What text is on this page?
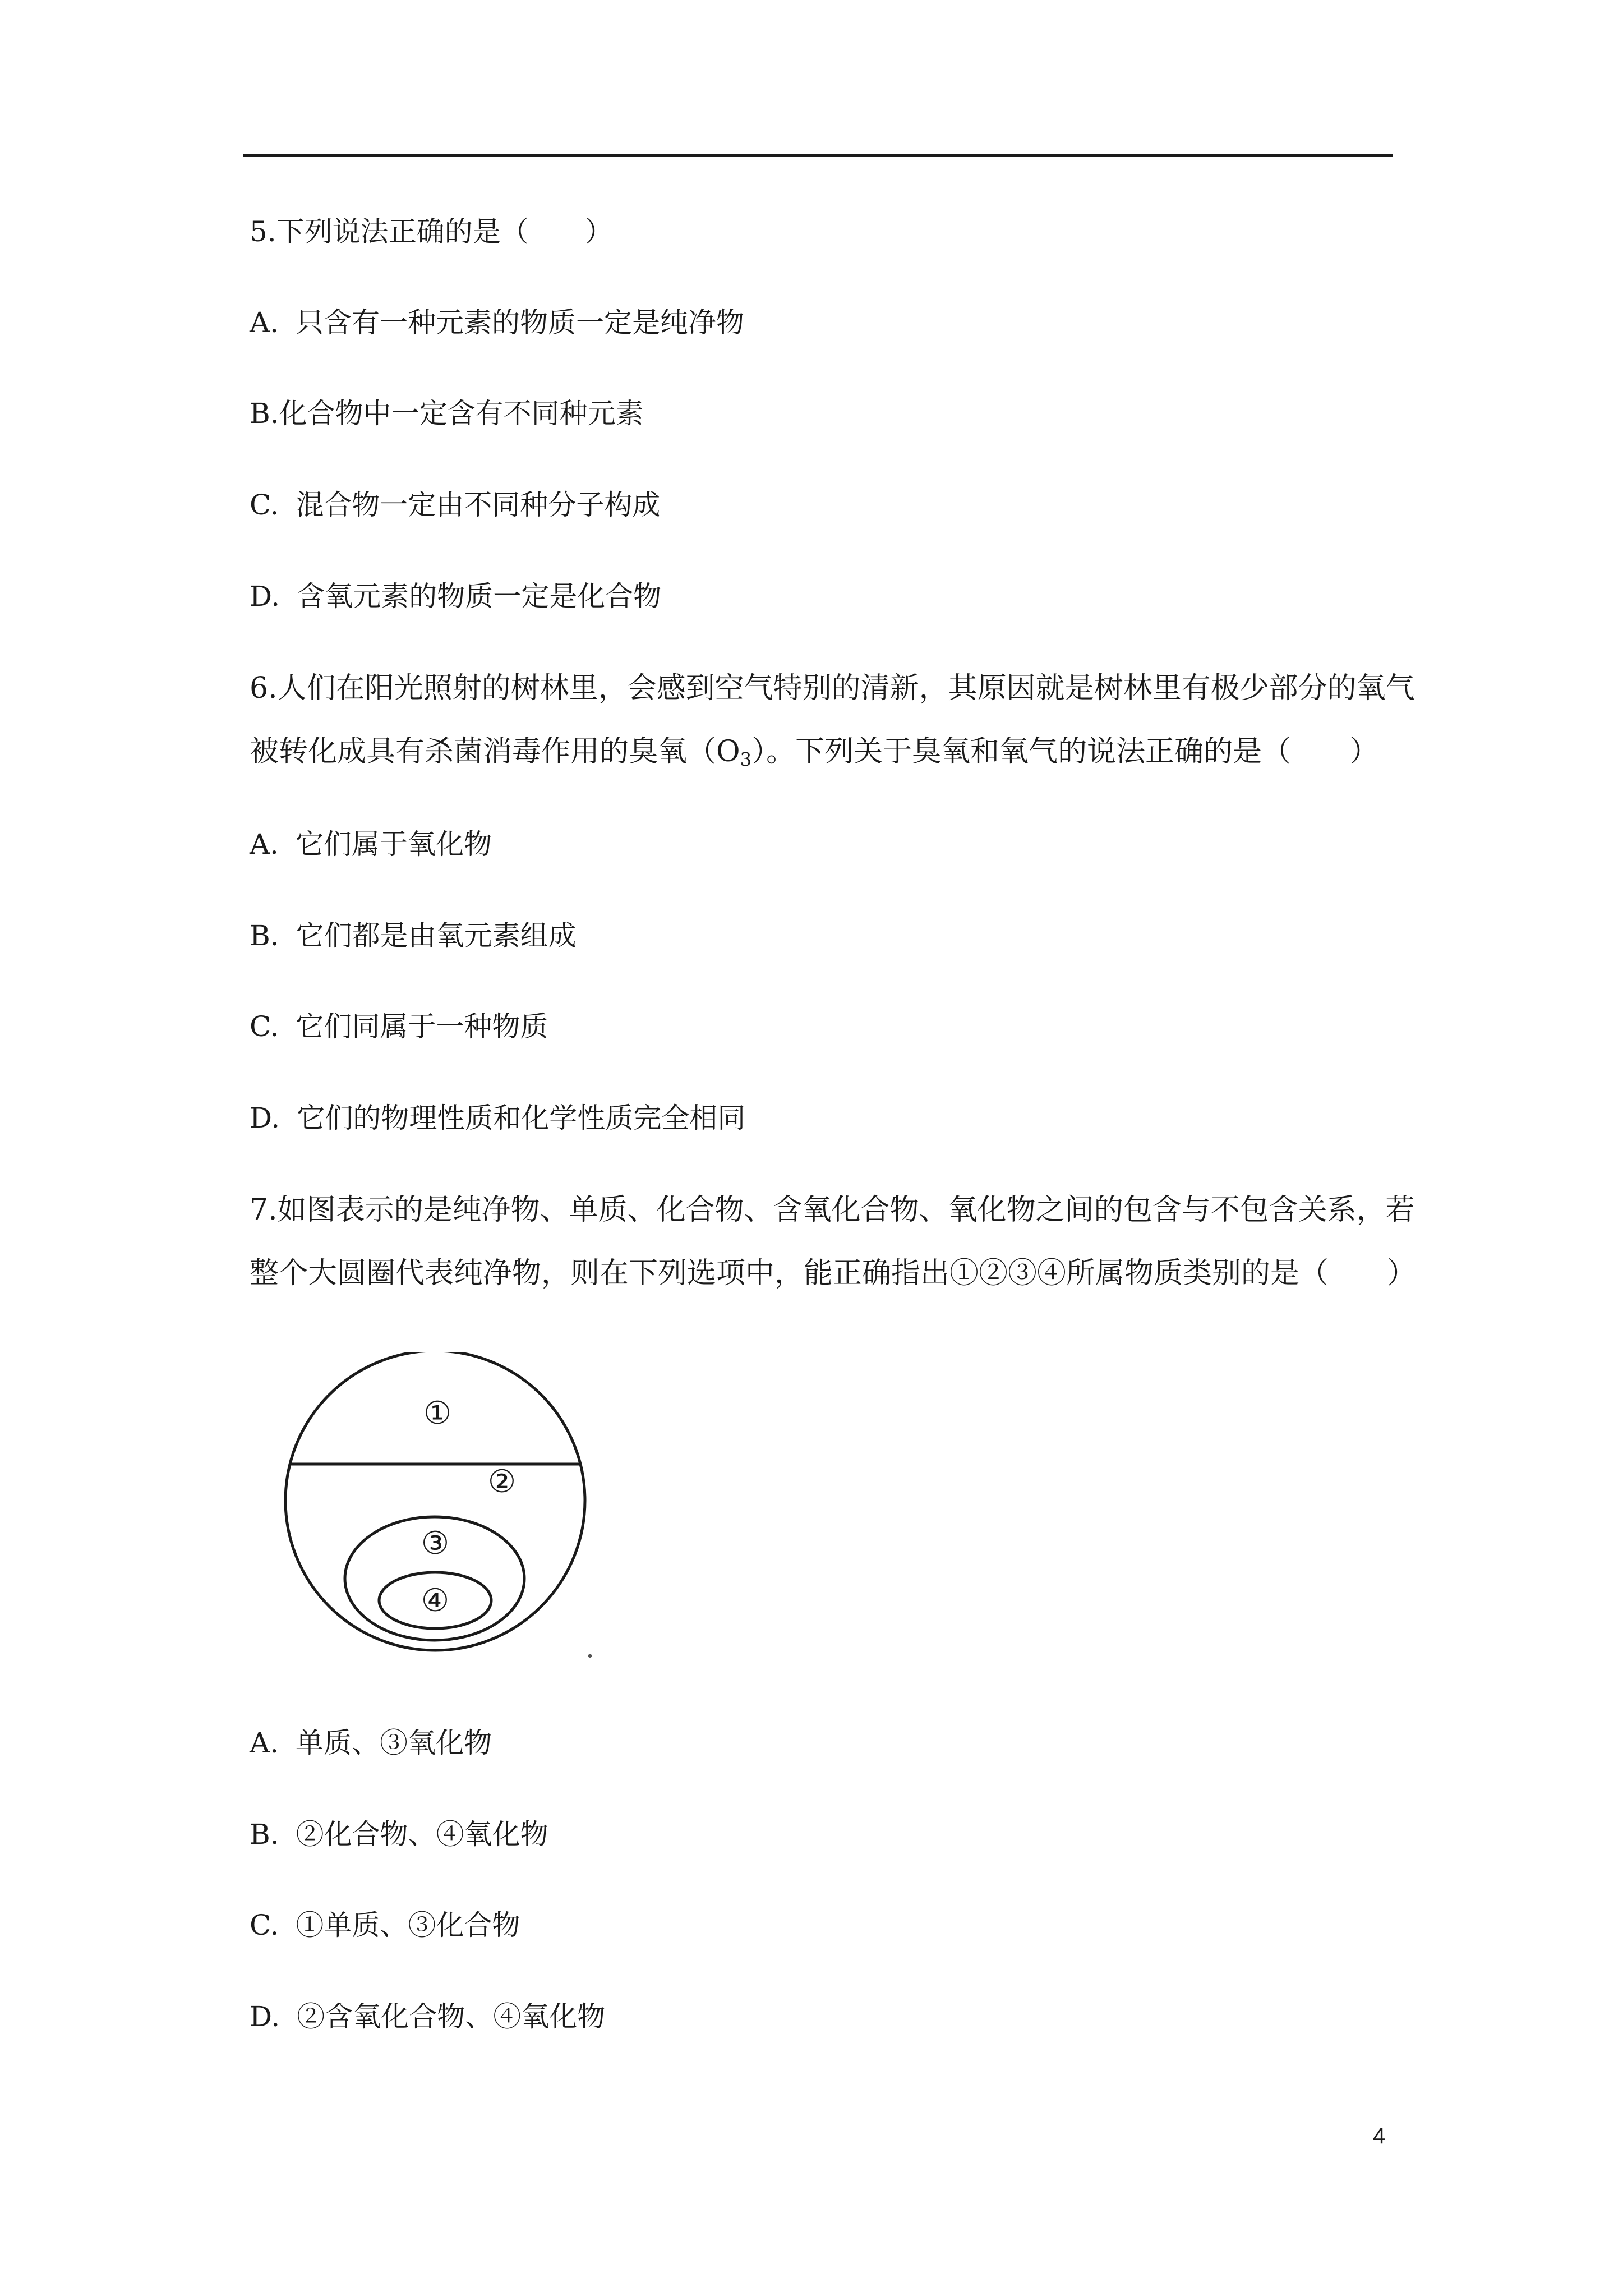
5.下列说法正确的是（　　）
A. 只含有一种元素的物质一定是纯净物
B.化合物中一定含有不同种元素
C. 混合物一定由不同种分子构成
D. 含氧元素的物质一定是化合物
6.人们在阳光照射的树林里，会感到空气特别的清新，其原因就是树林里有极少部分的氧气
被转化成具有杀菌消毒作用的臭氧$(O_3)$。下列关于臭氧和氧气的说法正确的是（　　）
A. 它们属于氧化物
B. 它们都是由氧元素组成
C. 它们同属于一种物质
D. 它们的物理性质和化学性质完全相同
7.如图表示的是纯净物、单质、化合物、含氧化合物、氧化物之间的包含与不包含关系，若
整个大圆圈代表纯净物，则在下列选项中，能正确指出①②③④所属物质类别的是（　　）
①
②
③
④
•
A. 单质、③氧化物
B. ②化合物、④氧化物
C. ①单质、③化合物
D. ②含氧化合物、④氧化物
4
